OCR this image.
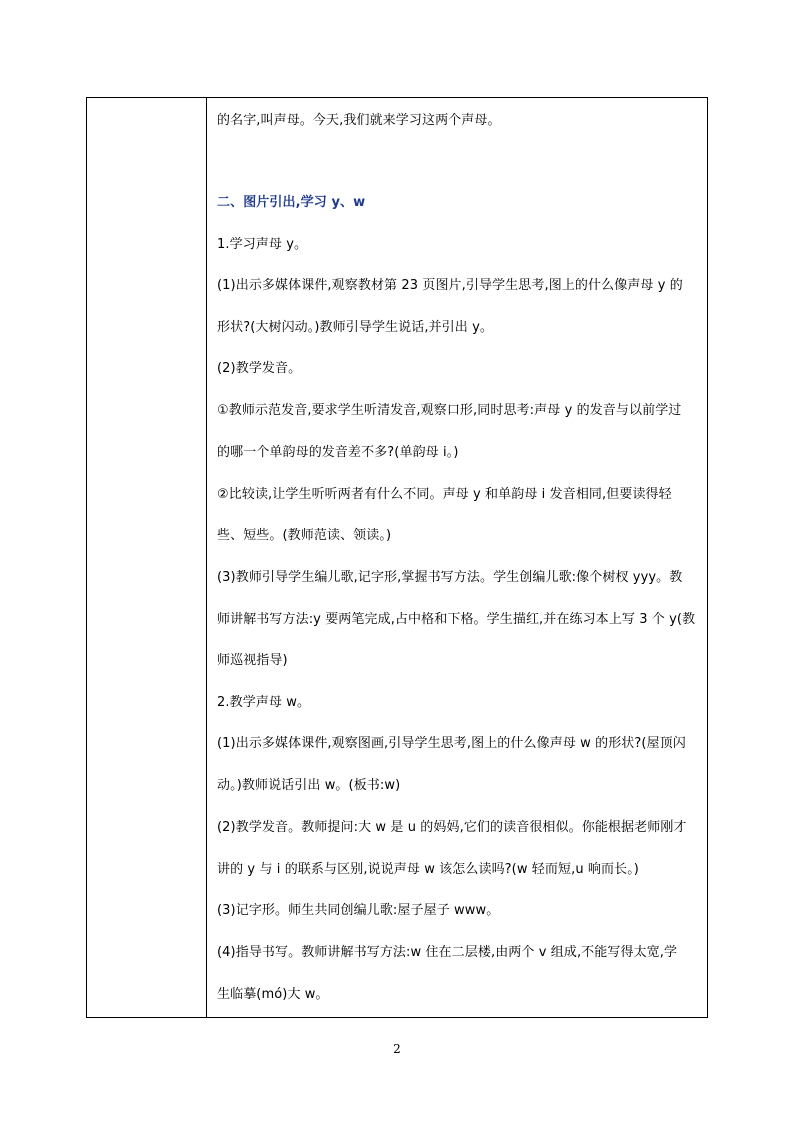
的名字,叫声母。今天,我们就来学习这两个声母。
二、图片引出,学习 y、w
1.学习声母 y。
(1)出示多媒体课件,观察教材第 23 页图片,引导学生思考,图上的什么像声母 y 的
形状?(大树闪动。)教师引导学生说话,并引出 y。
(2)教学发音。
①教师示范发音,要求学生听清发音,观察口形,同时思考:声母 y 的发音与以前学过
的哪一个单韵母的发音差不多?(单韵母 i。)
②比较读,让学生听听两者有什么不同。声母 y 和单韵母 i 发音相同,但要读得轻
些、短些。(教师范读、领读。)
(3)教师引导学生编儿歌,记字形,掌握书写方法。学生创编儿歌:像个树杈 yyy。教
师讲解书写方法:y 要两笔完成,占中格和下格。学生描红,并在练习本上写 3 个 y(教
师巡视指导)
2.教学声母 w。
(1)出示多媒体课件,观察图画,引导学生思考,图上的什么像声母 w 的形状?(屋顶闪
动。)教师说话引出 w。(板书:w)
(2)教学发音。教师提问:大 w 是 u 的妈妈,它们的读音很相似。你能根据老师刚才
讲的 y 与 i 的联系与区别,说说声母 w 该怎么读吗?(w 轻而短,u 响而长。)
(3)记字形。师生共同创编儿歌:屋子屋子 www。
(4)指导书写。教师讲解书写方法:w 住在二层楼,由两个 v 组成,不能写得太宽,学
生临摹(mó)大 w。
2
